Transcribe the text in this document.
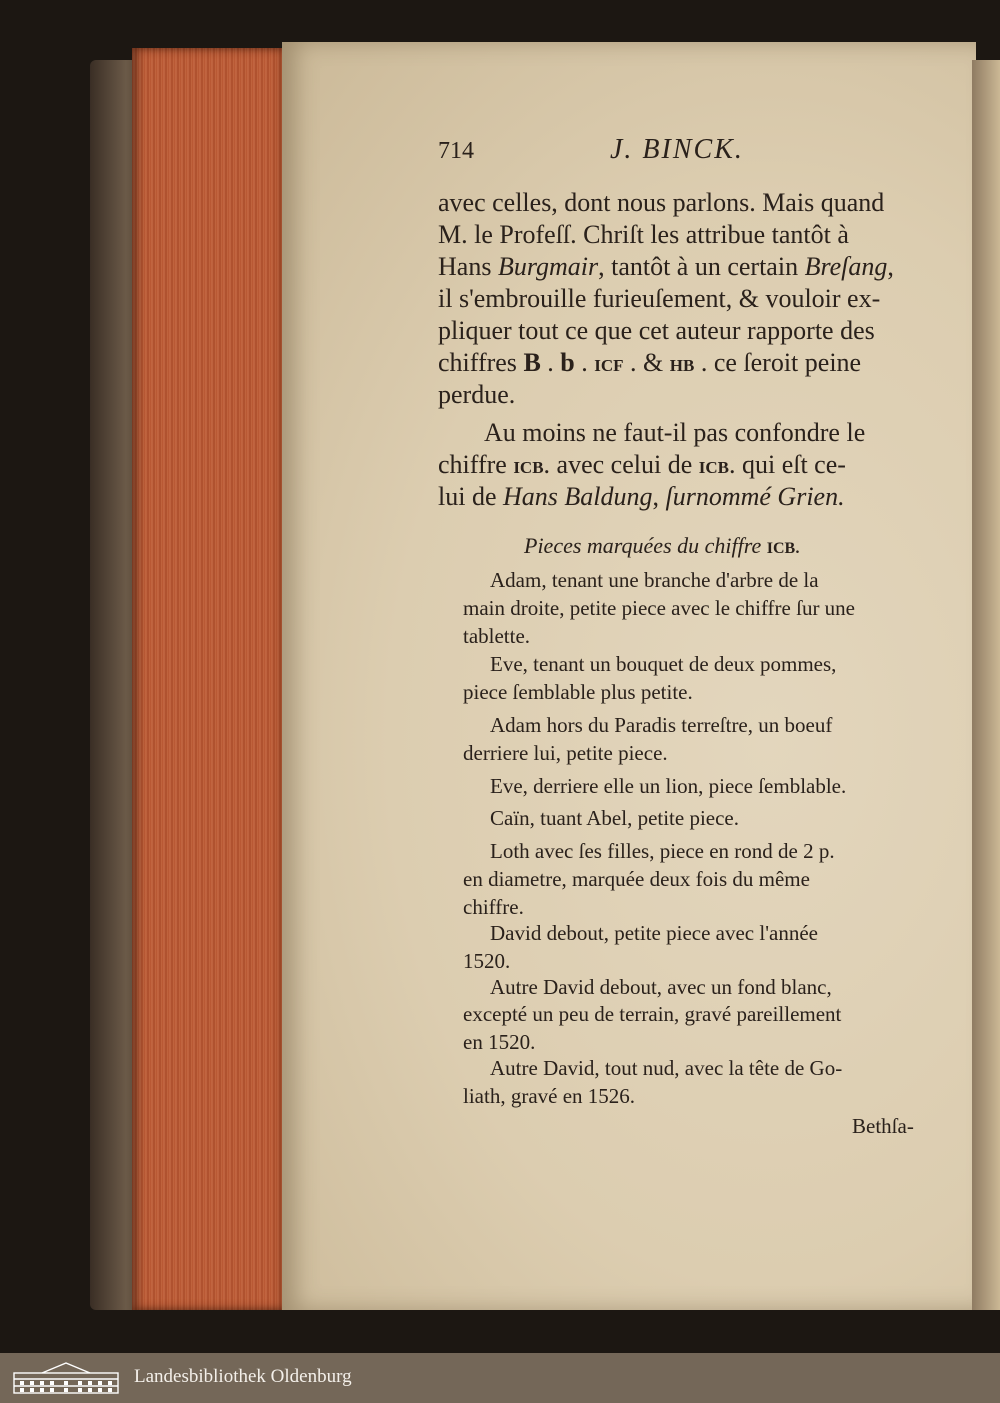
714	J. BINCK.
avec celles, dont nous parlons. Mais quand
M. le Profeſſ. Chriſt les attribue tantôt à
Hans Burgmair, tantôt à un certain Breſang,
il s'embrouille furieuſement, & vouloir ex-
pliquer tout ce que cet auteur rapporte des
chiffres B . b . ICF . & HB . ce ſeroit peine
perdue.
Au moins ne faut-il pas confondre le
chiffre ICB. avec celui de ICB. qui eſt ce-
lui de Hans Baldung, ſurnommé Grien.
Pieces marquées du chiffre ICB.
Adam, tenant une branche d'arbre de la
main droite, petite piece avec le chiffre ſur une
tablette.
Eve, tenant un bouquet de deux pommes,
piece ſemblable plus petite.
Adam hors du Paradis terreſtre, un boeuf
derriere lui, petite piece.
Eve, derriere elle un lion, piece ſemblable.
Caïn, tuant Abel, petite piece.
Loth avec ſes filles, piece en rond de 2 p.
en diametre, marquée deux fois du même
chiffre.
David debout, petite piece avec l'année
1520.
Autre David debout, avec un fond blanc,
excepté un peu de terrain, gravé pareillement
en 1520.
Autre David, tout nud, avec la tête de Go-
liath, gravé en 1526.
Bethſa-
Landesbibliothek Oldenburg
